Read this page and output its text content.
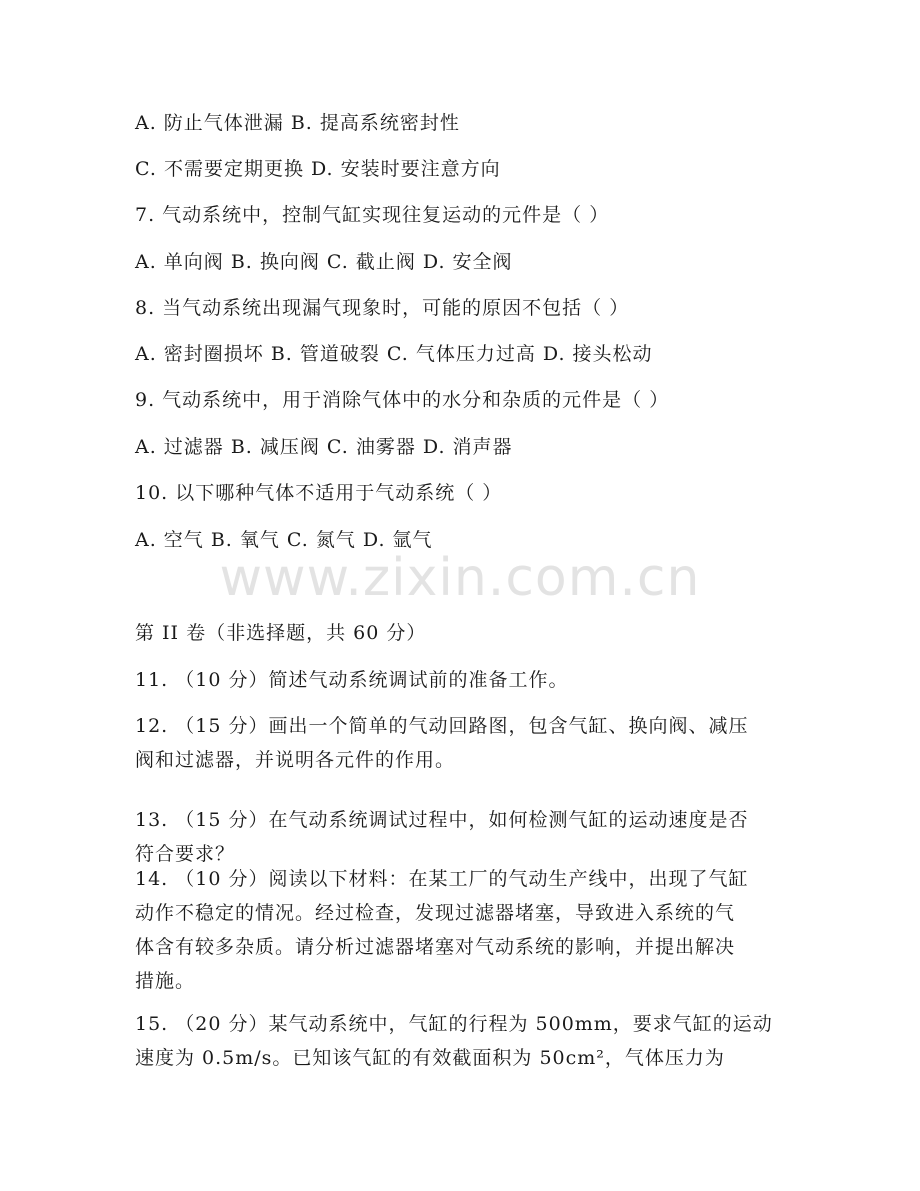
www.zixin.com.cn
A. 防止气体泄漏 B. 提高系统密封性
C. 不需要定期更换 D. 安装时要注意方向
7. 气动系统中，控制气缸实现往复运动的元件是（ ）
A. 单向阀 B. 换向阀 C. 截止阀 D. 安全阀
8. 当气动系统出现漏气现象时，可能的原因不包括（ ）
A. 密封圈损坏 B. 管道破裂 C. 气体压力过高 D. 接头松动
9. 气动系统中，用于消除气体中的水分和杂质的元件是（ ）
A. 过滤器 B. 减压阀 C. 油雾器 D. 消声器
10. 以下哪种气体不适用于气动系统（ ）
A. 空气 B. 氧气 C. 氮气 D. 氩气
第 II 卷（非选择题，共 60 分）
11. （10 分）简述气动系统调试前的准备工作。
12. （15 分）画出一个简单的气动回路图，包含气缸、换向阀、减压
阀和过滤器，并说明各元件的作用。
13. （15 分）在气动系统调试过程中，如何检测气缸的运动速度是否
符合要求？
14. （10 分）阅读以下材料：在某工厂的气动生产线中，出现了气缸
动作不稳定的情况。经过检查，发现过滤器堵塞，导致进入系统的气
体含有较多杂质。请分析过滤器堵塞对气动系统的影响，并提出解决
措施。
15. （20 分）某气动系统中，气缸的行程为 500mm，要求气缸的运动
速度为 0.5m/s。已知该气缸的有效截面积为 50cm²，气体压力为
